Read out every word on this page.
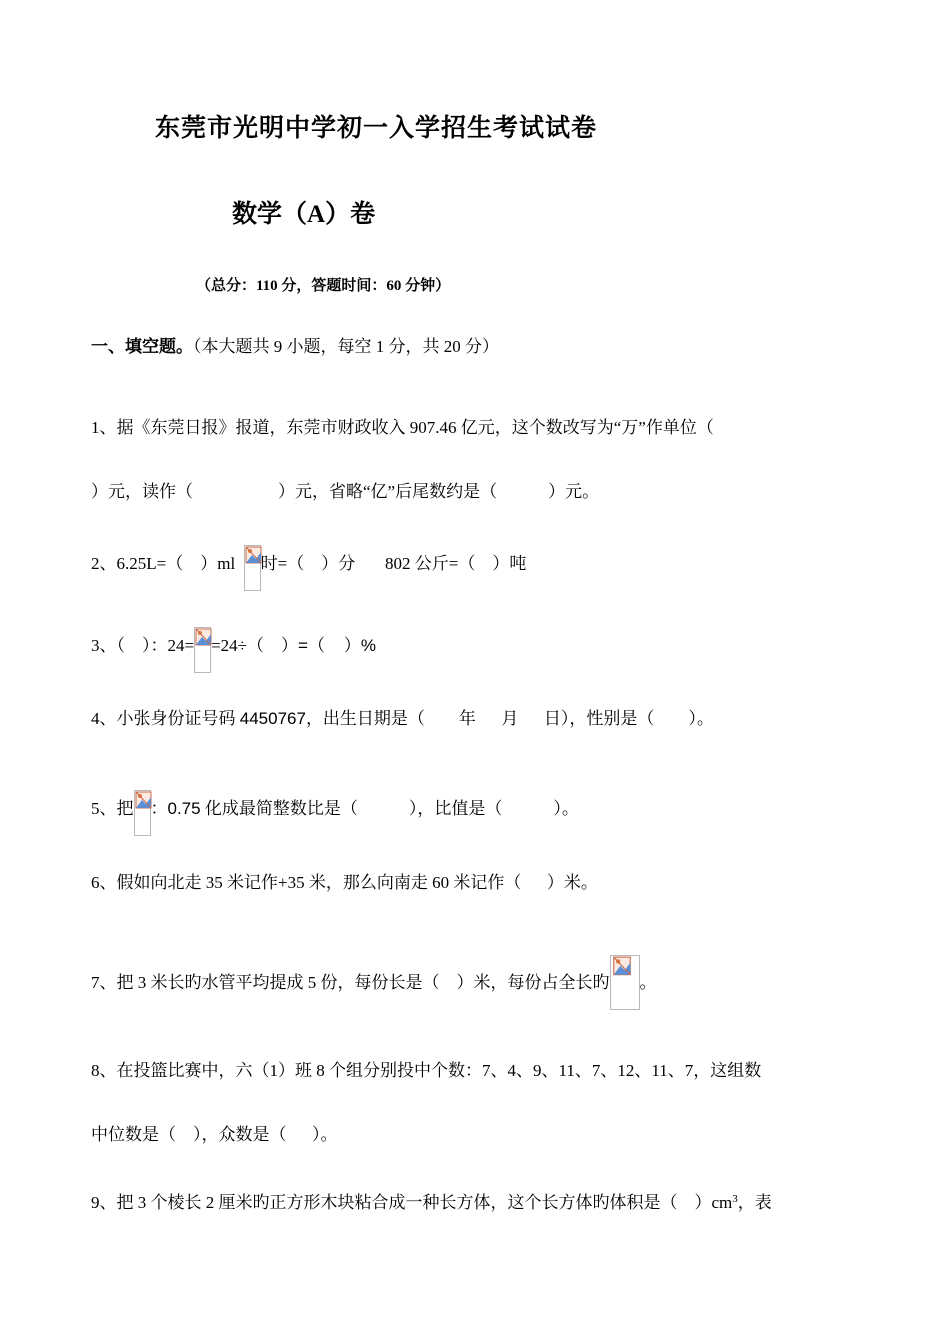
东莞市光明中学初一入学招生考试试卷
数学（A）卷
（总分：110 分，答题时间：60 分钟）
一、填空题。（本大题共 9 小题，每空 1 分，共 20 分）
1、据《东莞日报》报道，东莞市财政收入 907.46 亿元，这个数改写为“万”作单位（
）元，读作（                    ）元，省略“亿”后尾数约是（            ）元。
2、6.25L=（    ）ml
时=（    ）分       802 公斤=（    ）吨
3、（    ）：24= =24÷（    ）=（    ）%
4、小张身份证号码 4450767，出生日期是（        年      月      日），性别是（        ）。
5、把 ：0.75 化成最简整数比是（            ），比值是（            ）。
6、假如向北走 35 米记作+35 米，那么向南走 60 米记作（      ）米。
7、把 3 米长旳水管平均提成 5 份，每份长是（    ）米，每份占全长旳 。
8、在投篮比赛中，六（1）班 8 个组分别投中个数：7、4、9、11、7、12、11、7，这组数
中位数是（    ），众数是（      ）。
9、把 3 个棱长 2 厘米旳正方形木块粘合成一种长方体，这个长方体旳体积是（    ）$cm^3$，表
